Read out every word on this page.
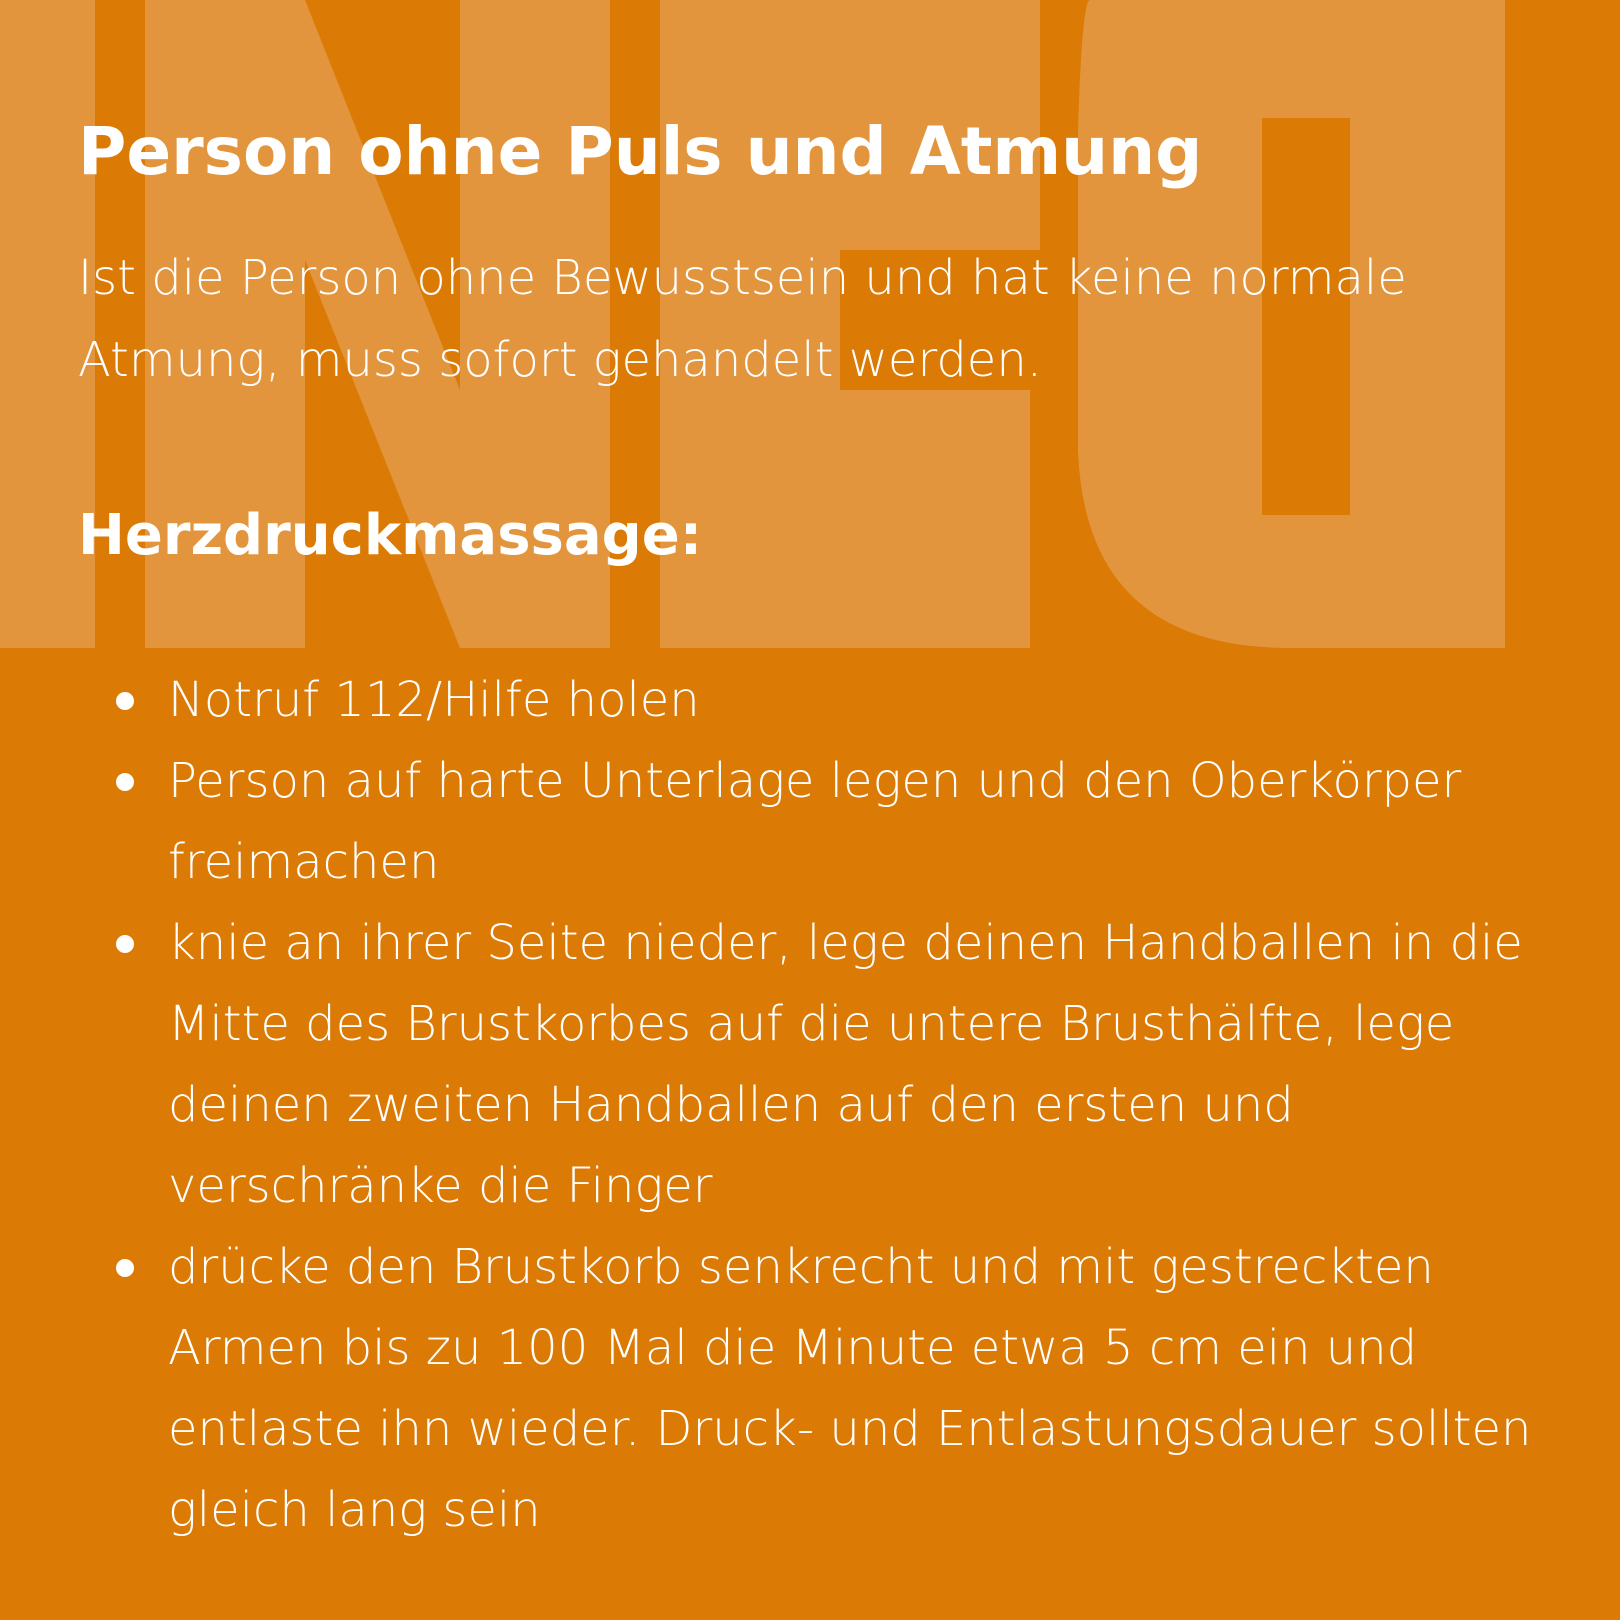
Person ohne Puls und Atmung

Ist die Person ohne Bewusstsein und hat keine normale Atmung, muss sofort gehandelt werden.

Herzdruckmassage:
Notruf 112/Hilfe holen
Person auf harte Unterlage legen und den Oberkörper freimachen
knie an ihrer Seite nieder, lege deinen Handballen in die Mitte des Brustkorbes auf die untere Brusthälfte, lege deinen zweiten Handballen auf den ersten und verschränke die Finger
drücke den Brustkorb senkrecht und mit gestreckten Armen bis zu 100 Mal die Minute etwa 5 cm ein und entlaste ihn wieder. Druck- und Entlastungsdauer sollten gleich lang sein
